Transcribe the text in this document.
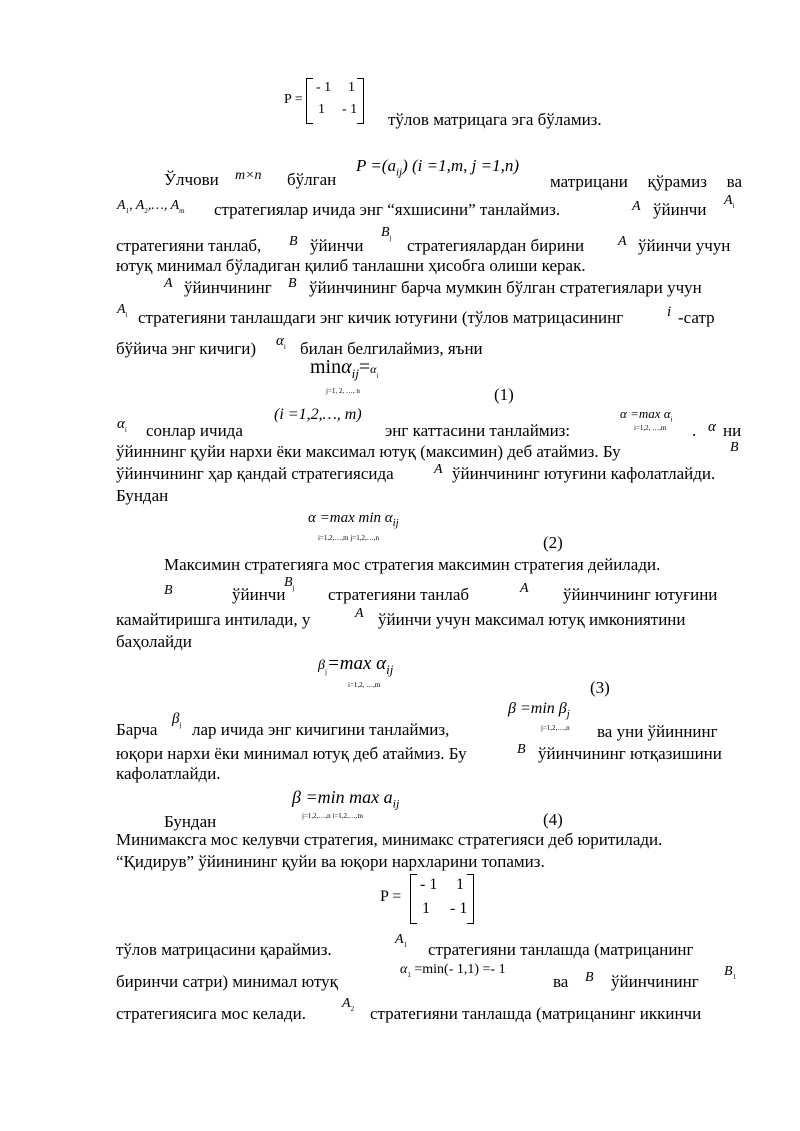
P =
- 1 1
1 - 1
тўлов матрицага эга бўламиз.
Ўлчови m×n бўлган
$P =(a_{ij})$ (i =1,m, j =1,n)
матрицани қўрамиз ва
$A_1$, $A_2,\dots$, $A_m$ стратегиялар ичида энг “яхшисини” танлаймиз.	A ўйинчи $A_i$
стратегияни танлаб, B ўйинчи
$B_j$ стратегиялардан бирини A ўйинчи учун
ютуқ минимал бўладиган қилиб танлашни ҳисобга олиши керак.
A ўйинчининг B ўйинчининг барча мумкин бўлган стратегиялари учун
$A_i$ стратегияни танлашдаги энг кичик ютуғини (тўлов матрицасининг	i -сатр
бўйича энг кичиги) $\alpha_i$ билан белгилаймиз, яъни
$\min\alpha_{ij}=\alpha_i$
j=1, 2, …, n	(1)
$\alpha_i$ сонлар ичида
(i =1,2,…, m)
энг каттасини танлаймиз:
α =max $\alpha_i$
i=1,2, …,m . α ни
ўйиннинг қуйи нархи ёки максимал ютуқ (максимин) деб атаймиз. Бу	B
ўйинчининг ҳар қандай стратегиясида	A ўйинчининг ютуғини кафолатлайди.
Бундан
α =max $\min \alpha_{ij}$
i=1,2,…,m j=1,2,…,n	(2)
Максимин стратегияга мос стратегия максимин стратегия дейилади.
B	ўйинчи
$B_j$ стратегияни танлаб	A ўйинчининг ютуғини
камайтиришга интилади, у	A ўйинчи учун максимал ютуқ имкониятини
баҳолайди
$\beta_j=\max$ $\alpha_{ij}$
i=1,2, …,m	(3)
Барча
$\beta_j$ лар ичида энг кичигини танлаймиз,
β =min $\beta_j$
j=1,2,…,n ва уни ўйиннинг
юқори нархи ёки минимал ютуқ деб атаймиз. Бу	B ўйинчининг ютқазишини
кафолатлайди.
Бундан
β =min $\max a_{ij}$
j=1,2,…,n i=1,2,…,m	(4)
Минимаксга мос келувчи стратегия, минимакс стратегияси деб юритилади.
“Қидирув” ўйинининг қуйи ва юқори нархларини топамиз.
P =
- 1 1
1 - 1
тўлов матрицасини қараймиз.
$A_1$ стратегияни танлашда (матрицанинг
биринчи сатри) минимал ютуқ
$\alpha_1 =\min(-$ 1,1) =- 1
ва B ўйинчининг
$B_1$
стратегиясига мос келади.
$A_2$ стратегияни танлашда (матрицанинг иккинчи
